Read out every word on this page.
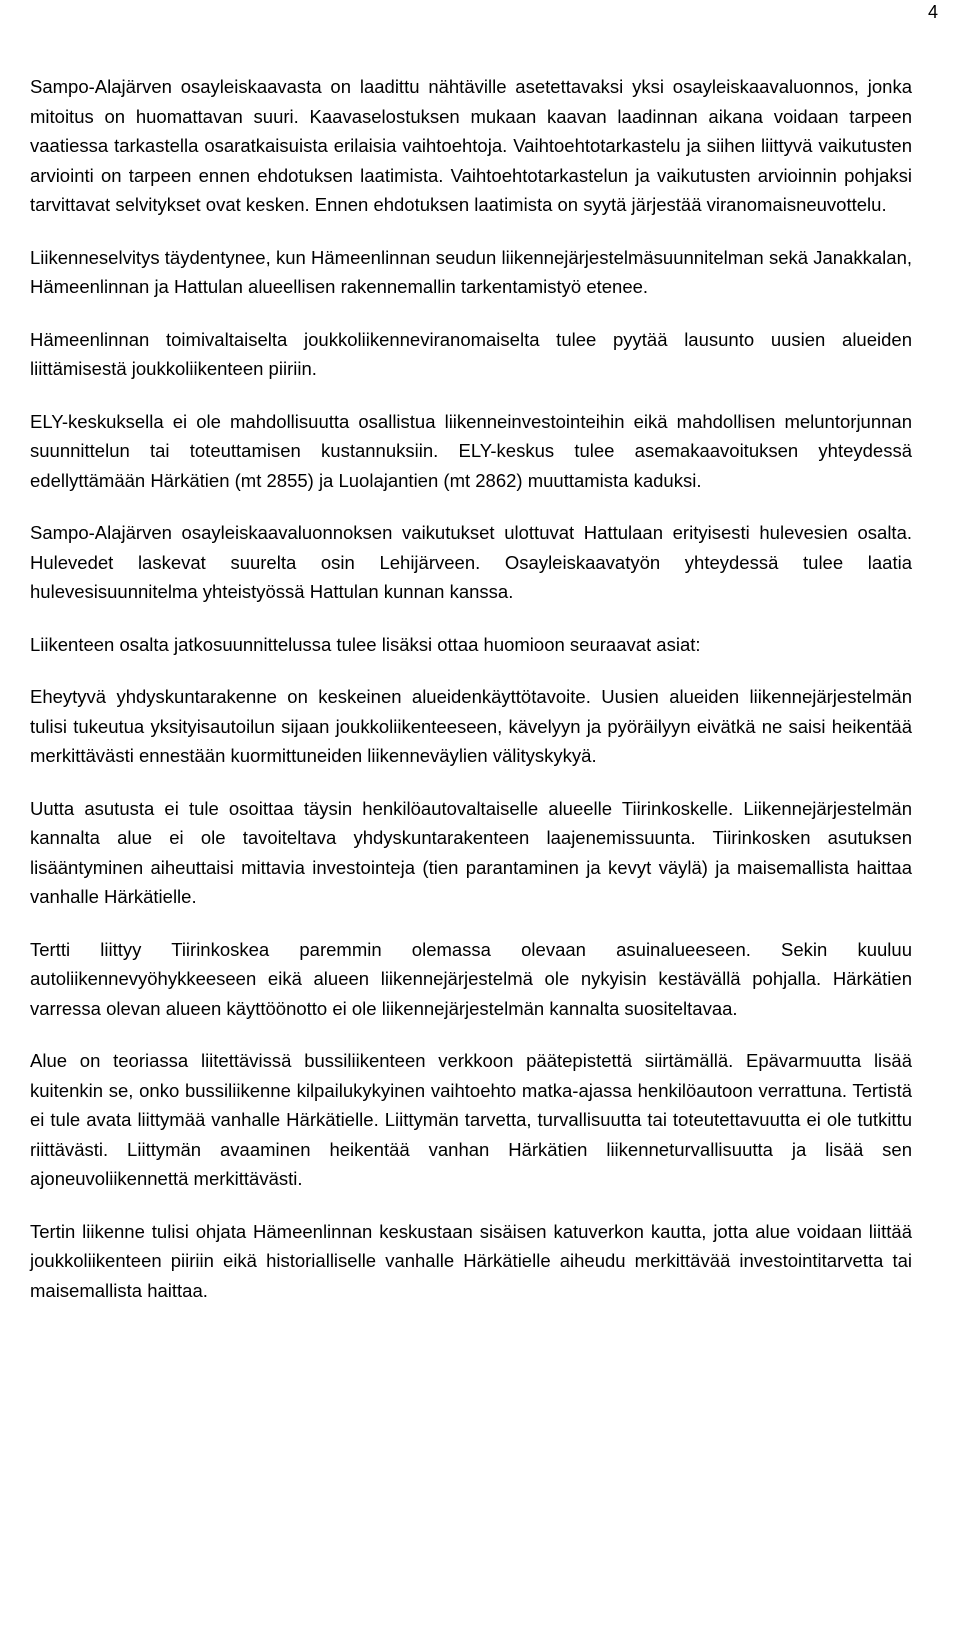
4

Sampo-Alajärven osayleiskaavasta on laadittu nähtäville asetettavaksi yksi osayleiskaavaluonnos, jonka mitoitus on huomattavan suuri. Kaavaselostuksen mukaan kaavan laadinnan aikana voidaan tarpeen vaatiessa tarkastella osaratkaisuista erilaisia vaihtoehtoja. Vaihtoehtotarkastelu ja siihen liittyvä vaikutusten arviointi on tarpeen ennen ehdotuksen laatimista. Vaihtoehtotarkastelun ja vaikutusten arvioinnin pohjaksi tarvittavat selvitykset ovat kesken. Ennen ehdotuksen laatimista on syytä järjestää viranomaisneuvottelu.

Liikenneselvitys täydentynee, kun Hämeenlinnan seudun liikennejärjestelmäsuunnitelman sekä Janakkalan, Hämeenlinnan ja Hattulan alueellisen rakennemallin tarkentamistyö etenee.

Hämeenlinnan toimivaltaiselta joukkoliikenneviranomaiselta tulee pyytää lausunto uusien alueiden liittämisestä joukkoliikenteen piiriin.

ELY-keskuksella ei ole mahdollisuutta osallistua liikenneinvestointeihin eikä mahdollisen meluntorjunnan suunnittelun tai toteuttamisen kustannuksiin. ELY-keskus tulee asemakaavoituksen yhteydessä edellyttämään Härkätien (mt 2855) ja Luolajantien (mt 2862) muuttamista kaduksi.

Sampo-Alajärven osayleiskaavaluonnoksen vaikutukset ulottuvat Hattulaan erityisesti hulevesien osalta. Hulevedet laskevat suurelta osin Lehijärveen. Osayleiskaavatyön yhteydessä tulee laatia hulevesisuunnitelma yhteistyössä Hattulan kunnan kanssa.

Liikenteen osalta jatkosuunnittelussa tulee lisäksi ottaa huomioon seuraavat asiat:

Eheytyvä yhdyskuntarakenne on keskeinen alueidenkäyttötavoite. Uusien alueiden liikennejärjestelmän tulisi tukeutua yksityisautoilun sijaan joukkoliikenteeseen, kävelyyn ja pyöräilyyn eivätkä ne saisi heikentää merkittävästi ennestään kuormittuneiden liikenneväylien välityskykyä.

Uutta asutusta ei tule osoittaa täysin henkilöautovaltaiselle alueelle Tiirinkoskelle. Liikennejärjestelmän kannalta alue ei ole tavoiteltava yhdyskuntarakenteen laajenemissuunta. Tiirinkosken asutuksen lisääntyminen aiheuttaisi mittavia investointeja (tien parantaminen ja kevyt väylä) ja maisemallista haittaa vanhalle Härkätielle.

Tertti liittyy Tiirinkoskea paremmin olemassa olevaan asuinalueeseen. Sekin kuuluu autoliikennevyöhykkeeseen eikä alueen liikennejärjestelmä ole nykyisin kestävällä pohjalla. Härkätien varressa olevan alueen käyttöönotto ei ole liikennejärjestelmän kannalta suositeltavaa.

Alue on teoriassa liitettävissä bussiliikenteen verkkoon päätepistettä siirtämällä. Epävarmuutta lisää kuitenkin se, onko bussiliikenne kilpailukykyinen vaihtoehto matka-ajassa henkilöautoon verrattuna. Tertistä ei tule avata liittymää vanhalle Härkätielle. Liittymän tarvetta, turvallisuutta tai toteutettavuutta ei ole tutkittu riittävästi. Liittymän avaaminen heikentää vanhan Härkätien liikenneturvallisuutta ja lisää sen ajoneuvoliikennettä merkittävästi.

Tertin liikenne tulisi ohjata Hämeenlinnan keskustaan sisäisen katuverkon kautta, jotta alue voidaan liittää joukkoliikenteen piiriin eikä historialliselle vanhalle Härkätielle aiheudu merkittävää investointitarvetta tai maisemallista haittaa.
